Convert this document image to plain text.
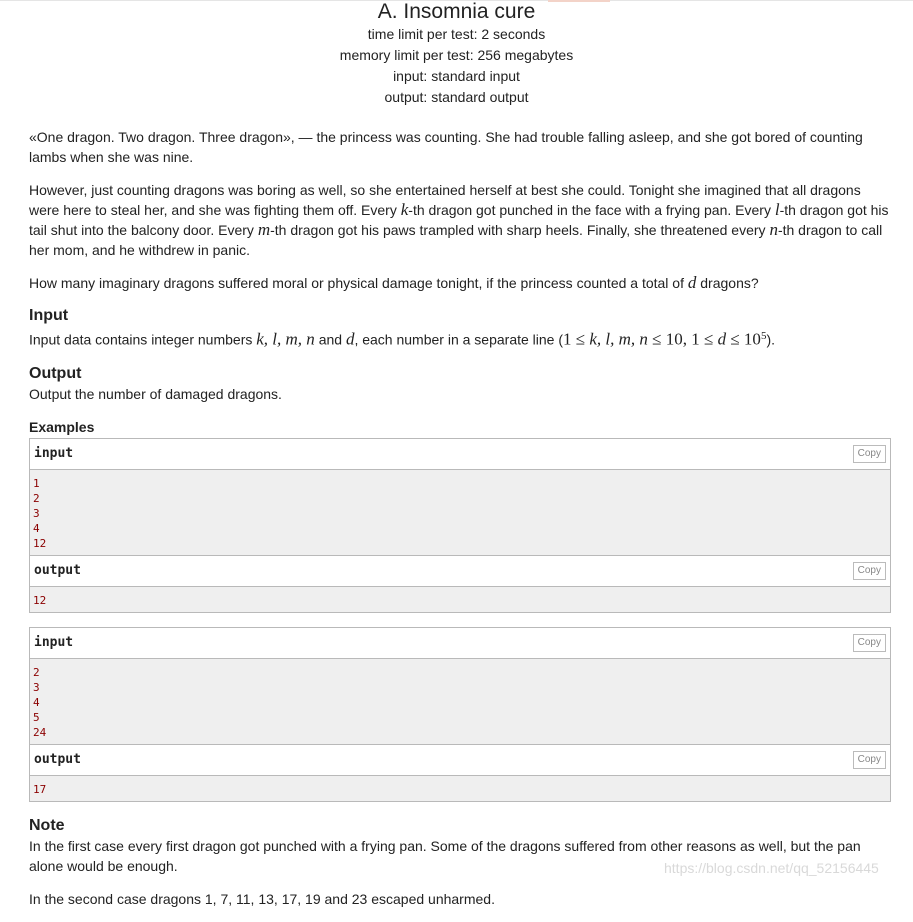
A. Insomnia cure
time limit per test: 2 seconds
memory limit per test: 256 megabytes
input: standard input
output: standard output

«One dragon. Two dragon. Three dragon», — the princess was counting. She had trouble falling asleep, and she got bored of counting lambs when she was nine.

However, just counting dragons was boring as well, so she entertained herself at best she could. Tonight she imagined that all dragons were here to steal her, and she was fighting them off. Every k-th dragon got punched in the face with a frying pan. Every l-th dragon got his tail shut into the balcony door. Every m-th dragon got his paws trampled with sharp heels. Finally, she threatened every n-th dragon to call her mom, and he withdrew in panic.

How many imaginary dragons suffered moral or physical damage tonight, if the princess counted a total of d dragons?

Input

Input data contains integer numbers k, l, m, n and d, each number in a separate line (1 ≤ k, l, m, n ≤ 10, $1 \le d \le 10^5$).

Output

Output the number of damaged dragons.

Examples
input	Copy
1
2
3
4
12
output	Copy
12
input	Copy
2
3
4
5
24
output	Copy
17
Note

In the first case every first dragon got punched with a frying pan. Some of the dragons suffered from other reasons as well, but the pan alone would be enough.

In the second case dragons 1, 7, 11, 13, 17, 19 and 23 escaped unharmed.

https://blog.csdn.net/qq_52156445
